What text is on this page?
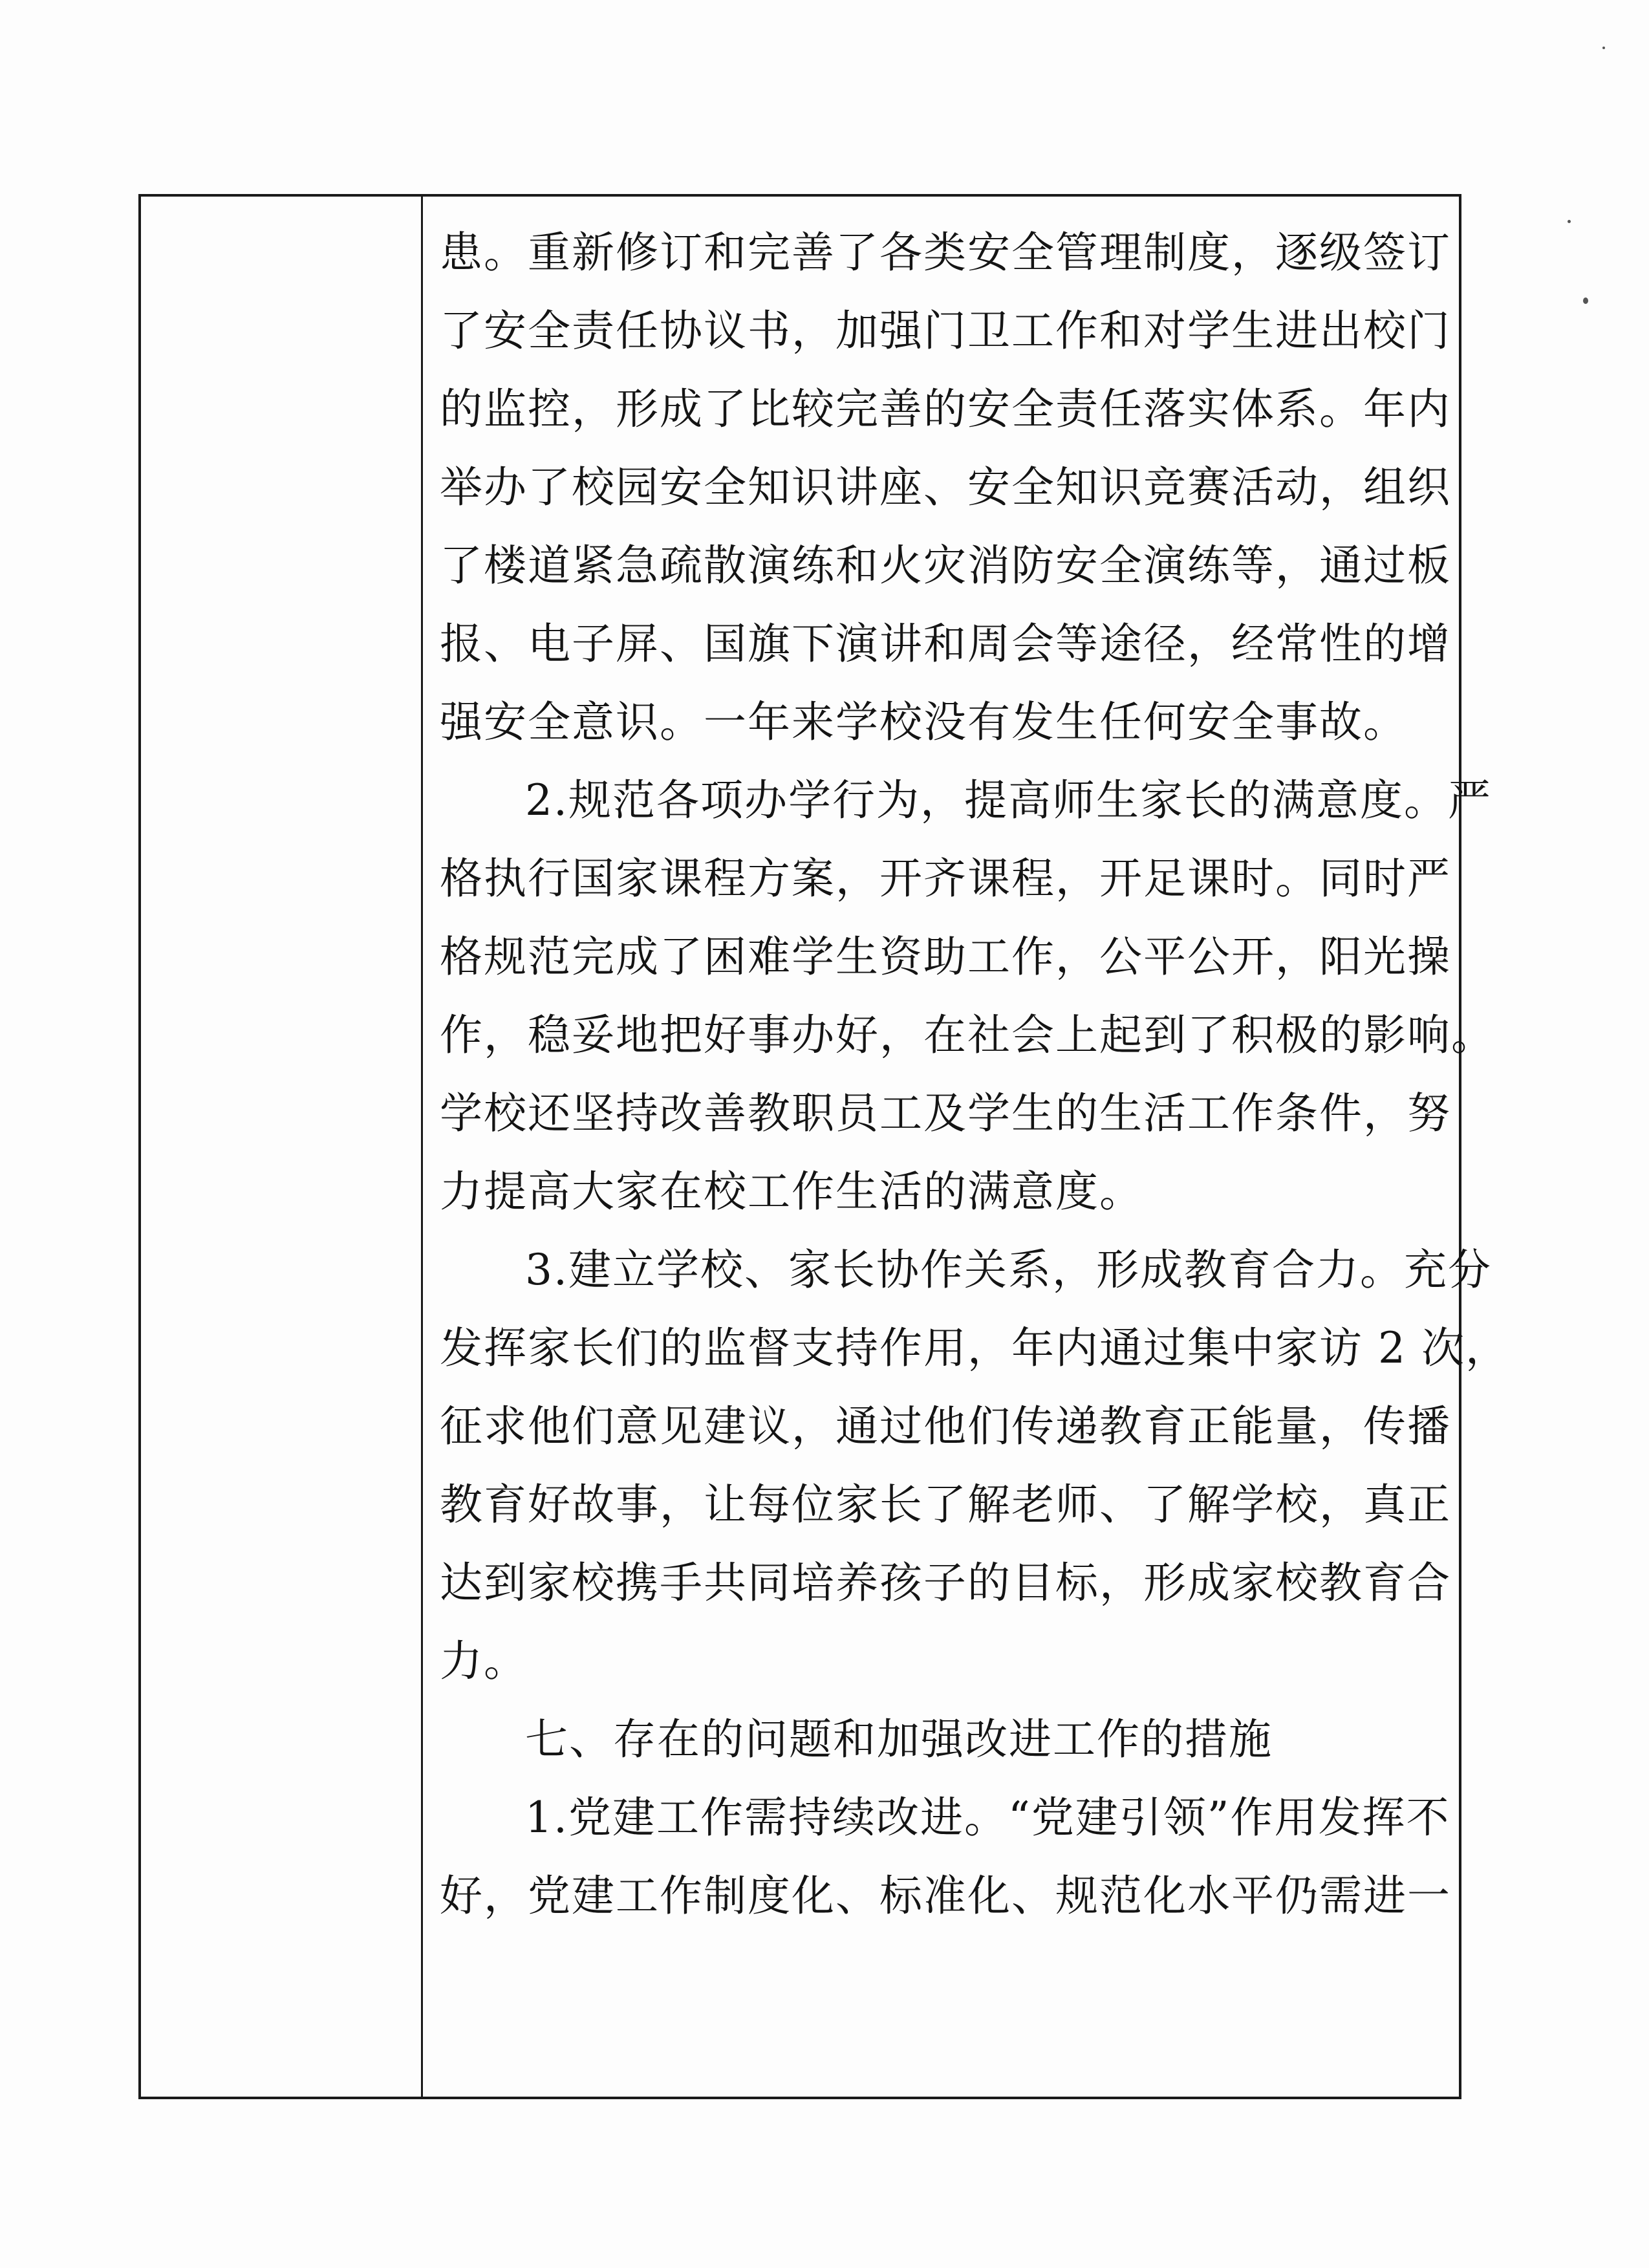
患。重新修订和完善了各类安全管理制度，逐级签订
了安全责任协议书，加强门卫工作和对学生进出校门
的监控，形成了比较完善的安全责任落实体系。年内
举办了校园安全知识讲座、安全知识竞赛活动，组织
了楼道紧急疏散演练和火灾消防安全演练等，通过板
报、电子屏、国旗下演讲和周会等途径，经常性的增
强安全意识。一年来学校没有发生任何安全事故。
2.规范各项办学行为，提高师生家长的满意度。严
格执行国家课程方案，开齐课程，开足课时。同时严
格规范完成了困难学生资助工作，公平公开，阳光操
作，稳妥地把好事办好，在社会上起到了积极的影响。
学校还坚持改善教职员工及学生的生活工作条件，努
力提高大家在校工作生活的满意度。
3.建立学校、家长协作关系，形成教育合力。充分
发挥家长们的监督支持作用，年内通过集中家访 2 次，
征求他们意见建议，通过他们传递教育正能量，传播
教育好故事，让每位家长了解老师、了解学校，真正
达到家校携手共同培养孩子的目标，形成家校教育合
力。
七、存在的问题和加强改进工作的措施
1.党建工作需持续改进。“党建引领”作用发挥不
好，党建工作制度化、标准化、规范化水平仍需进一
